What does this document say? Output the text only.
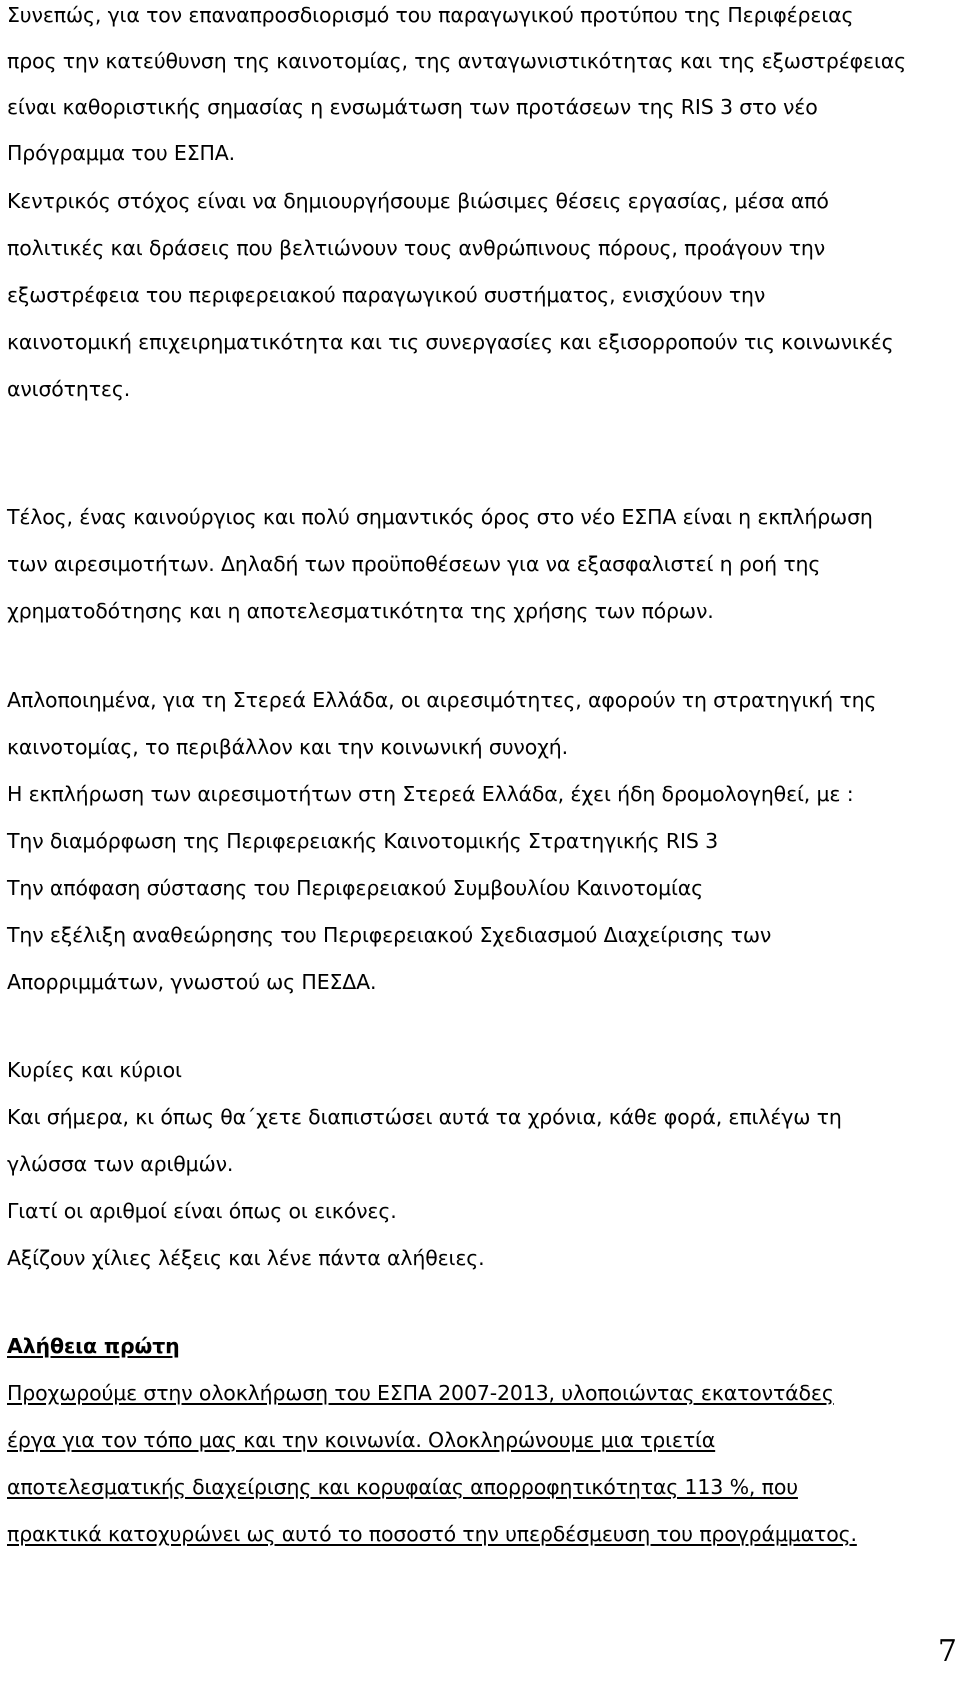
Συνεπώς, για τον επαναπροσδιορισμό του παραγωγικού προτύπου της Περιφέρειας
προς την κατεύθυνση της καινοτομίας, της ανταγωνιστικότητας και της εξωστρέφειας
είναι καθοριστικής σημασίας η ενσωμάτωση των προτάσεων της RIS 3 στο νέο
Πρόγραμμα του ΕΣΠΑ.
Κεντρικός στόχος είναι να δημιουργήσουμε βιώσιμες θέσεις εργασίας, μέσα από
πολιτικές και δράσεις που βελτιώνουν τους ανθρώπινους πόρους, προάγουν την
εξωστρέφεια του περιφερειακού παραγωγικού συστήματος, ενισχύουν την
καινοτομική επιχειρηματικότητα και τις συνεργασίες και εξισορροπούν τις κοινωνικές
ανισότητες.
Τέλος, ένας καινούργιος και πολύ σημαντικός όρος στο νέο ΕΣΠΑ είναι η εκπλήρωση
των αιρεσιμοτήτων. Δηλαδή των προϋποθέσεων για να εξασφαλιστεί η ροή της
χρηματοδότησης και η αποτελεσματικότητα της χρήσης των πόρων.
Απλοποιημένα, για τη Στερεά Ελλάδα, οι αιρεσιμότητες, αφορούν τη στρατηγική της
καινοτομίας, το περιβάλλον και την κοινωνική συνοχή.
Η εκπλήρωση των αιρεσιμοτήτων στη Στερεά Ελλάδα, έχει ήδη δρομολογηθεί, με :
Την διαμόρφωση της Περιφερειακής Καινοτομικής Στρατηγικής RIS 3
Την απόφαση σύστασης του Περιφερειακού Συμβουλίου Καινοτομίας
Την εξέλιξη αναθεώρησης του Περιφερειακού Σχεδιασμού Διαχείρισης των
Απορριμμάτων, γνωστού ως ΠΕΣΔΑ.
Κυρίες και κύριοι
Και σήμερα, κι όπως θα΄χετε διαπιστώσει αυτά τα χρόνια, κάθε φορά, επιλέγω τη
γλώσσα των αριθμών.
Γιατί οι αριθμοί είναι όπως οι εικόνες.
Αξίζουν χίλιες λέξεις και λένε πάντα αλήθειες.
Αλήθεια πρώτη
Προχωρούμε στην ολοκλήρωση του ΕΣΠΑ 2007-2013, υλοποιώντας εκατοντάδες
έργα για τον τόπο μας και την κοινωνία. Ολοκληρώνουμε μια τριετία
αποτελεσματικής διαχείρισης και κορυφαίας απορροφητικότητας 113 %, που
πρακτικά κατοχυρώνει ως αυτό το ποσοστό την υπερδέσμευση του προγράμματος.
7
